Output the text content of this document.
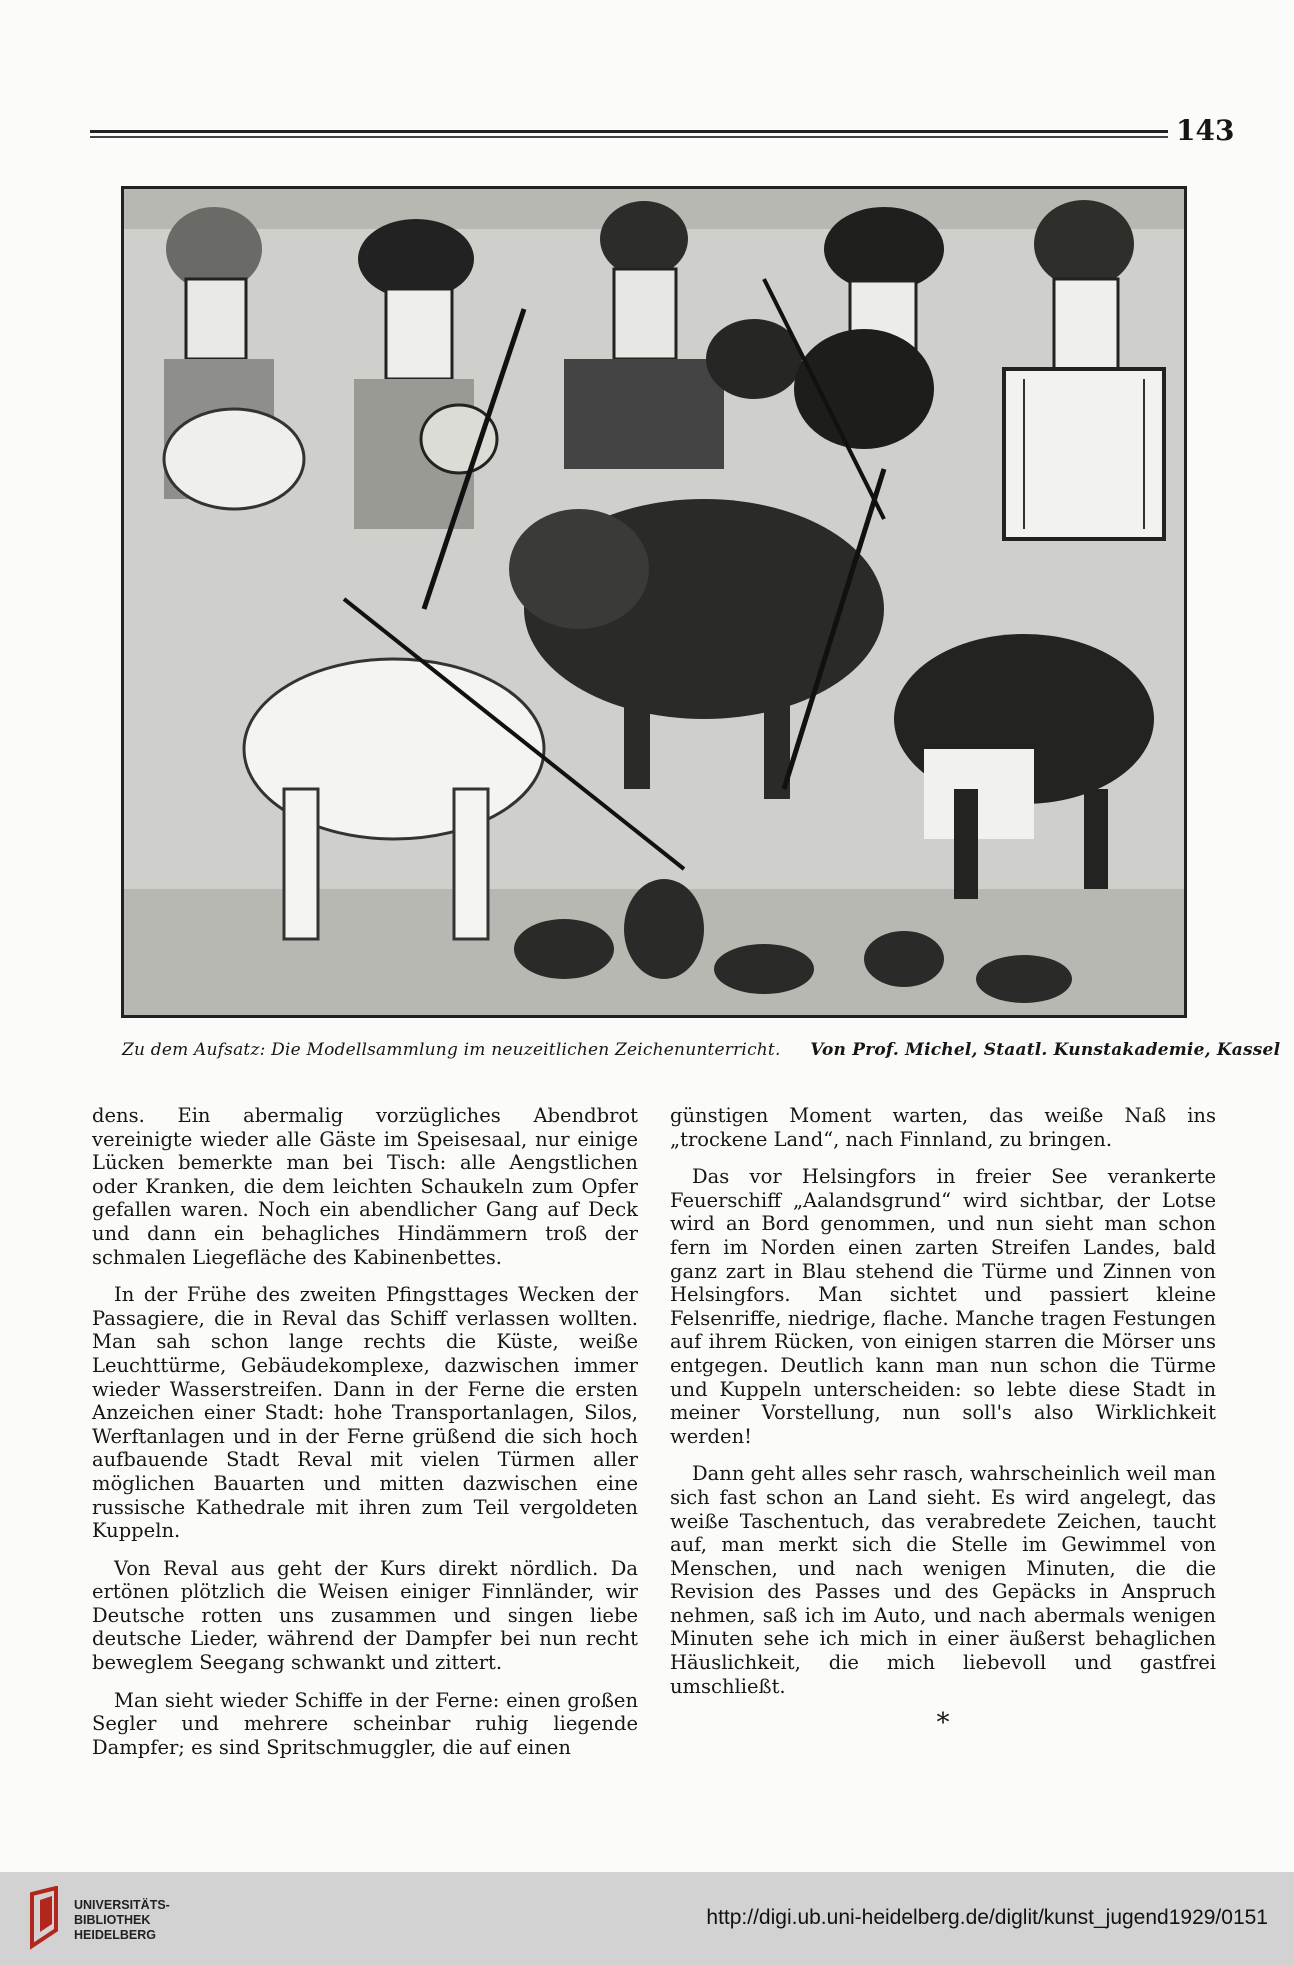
143
Zu dem Aufsatz: Die Modellsammlung im neuzeitlichen Zeichenunterricht. Von Prof. Michel, Staatl. Kunstakademie, Kassel

dens. Ein abermalig vorzügliches Abendbrot vereinigte wieder alle Gäste im Speisesaal, nur einige Lücken bemerkte man bei Tisch: alle Aengstlichen oder Kranken, die dem leichten Schaukeln zum Opfer gefallen waren. Noch ein abendlicher Gang auf Deck und dann ein behagliches Hindämmern troß der schmalen Liegefläche des Kabinenbettes.

In der Frühe des zweiten Pfingsttages Wecken der Passagiere, die in Reval das Schiff verlassen wollten. Man sah schon lange rechts die Küste, weiße Leuchttürme, Gebäudekomplexe, dazwischen immer wieder Wasserstreifen. Dann in der Ferne die ersten Anzeichen einer Stadt: hohe Transportanlagen, Silos, Werftanlagen und in der Ferne grüßend die sich hoch aufbauende Stadt Reval mit vielen Türmen aller möglichen Bauarten und mitten dazwischen eine russische Kathedrale mit ihren zum Teil vergoldeten Kuppeln.

Von Reval aus geht der Kurs direkt nördlich. Da ertönen plötzlich die Weisen einiger Finnländer, wir Deutsche rotten uns zusammen und singen liebe deutsche Lieder, während der Dampfer bei nun recht beweglem Seegang schwankt und zittert.

Man sieht wieder Schiffe in der Ferne: einen großen Segler und mehrere scheinbar ruhig liegende Dampfer; es sind Spritschmuggler, die auf einen

günstigen Moment warten, das weiße Naß ins „trockene Land“, nach Finnland, zu bringen.

Das vor Helsingfors in freier See verankerte Feuerschiff „Aalandsgrund“ wird sichtbar, der Lotse wird an Bord genommen, und nun sieht man schon fern im Norden einen zarten Streifen Landes, bald ganz zart in Blau stehend die Türme und Zinnen von Helsingfors. Man sichtet und passiert kleine Felsenriffe, niedrige, flache. Manche tragen Festungen auf ihrem Rücken, von einigen starren die Mörser uns entgegen. Deutlich kann man nun schon die Türme und Kuppeln unterscheiden: so lebte diese Stadt in meiner Vorstellung, nun soll's also Wirklichkeit werden!

Dann geht alles sehr rasch, wahrscheinlich weil man sich fast schon an Land sieht. Es wird angelegt, das weiße Taschentuch, das verabredete Zeichen, taucht auf, man merkt sich die Stelle im Gewimmel von Menschen, und nach wenigen Minuten, die die Revision des Passes und des Gepäcks in Anspruch nehmen, saß ich im Auto, und nach abermals wenigen Minuten sehe ich mich in einer äußerst behaglichen Häuslichkeit, die mich liebevoll und gastfrei umschließt.

*
UNIVERSITÄTS-
BIBLIOTHEK
HEIDELBERG
http://digi.ub.uni-heidelberg.de/diglit/kunst_jugend1929/0151
